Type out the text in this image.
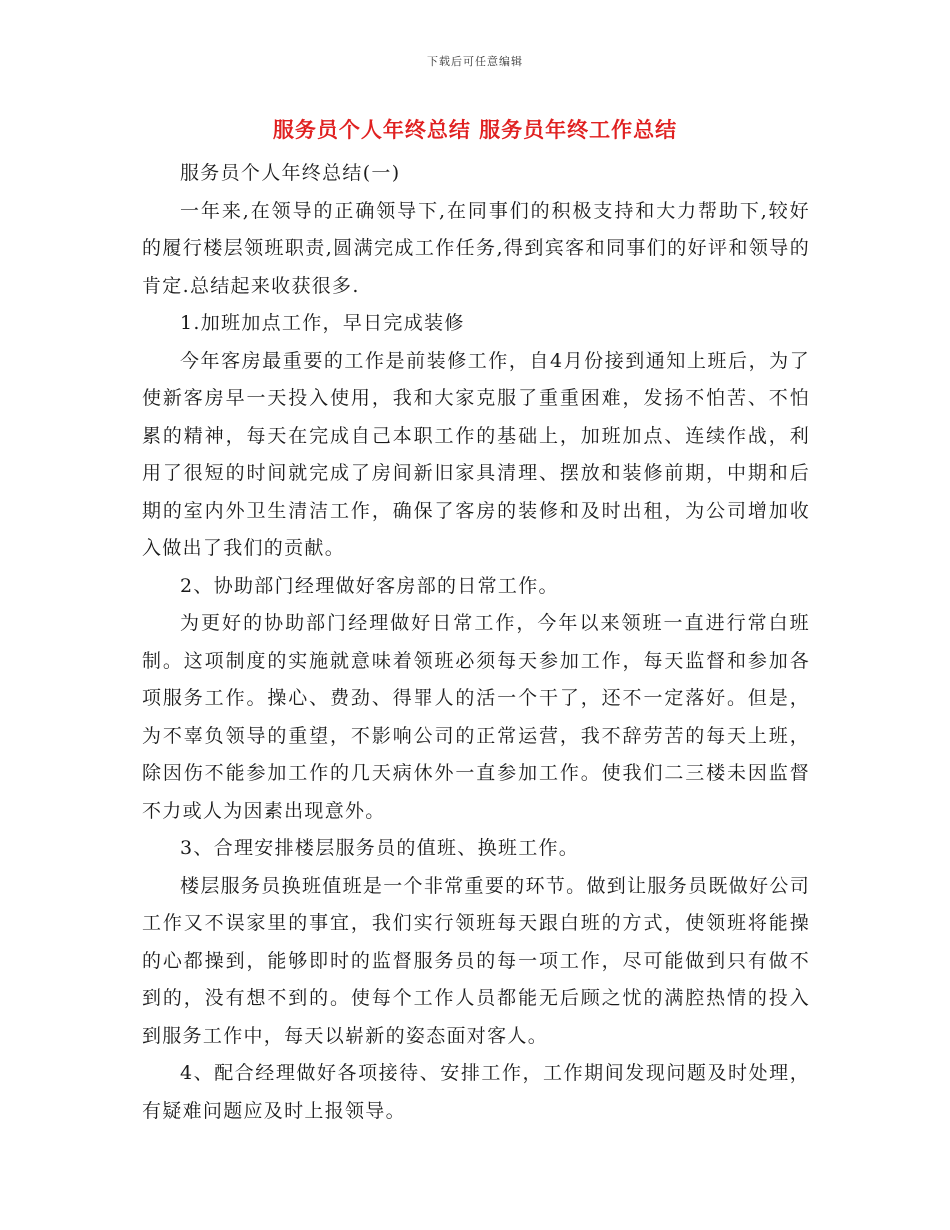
下载后可任意编辑
服务员个人年终总结 服务员年终工作总结

服务员个人年终总结(一)

一年来,在领导的正确领导下,在同事们的积极支持和大力帮助下,较好的履行楼层领班职责,圆满完成工作任务,得到宾客和同事们的好评和领导的肯定.总结起来收获很多.

1.加班加点工作，早日完成装修

今年客房最重要的工作是前装修工作，自4月份接到通知上班后，为了使新客房早一天投入使用，我和大家克服了重重困难，发扬不怕苦、不怕累的精神，每天在完成自己本职工作的基础上，加班加点、连续作战，利用了很短的时间就完成了房间新旧家具清理、摆放和装修前期，中期和后期的室内外卫生清洁工作，确保了客房的装修和及时出租，为公司增加收入做出了我们的贡献。

2、协助部门经理做好客房部的日常工作。

为更好的协助部门经理做好日常工作，今年以来领班一直进行常白班制。这项制度的实施就意味着领班必须每天参加工作，每天监督和参加各项服务工作。操心、费劲、得罪人的活一个干了，还不一定落好。但是，为不辜负领导的重望，不影响公司的正常运营，我不辞劳苦的每天上班，除因伤不能参加工作的几天病休外一直参加工作。使我们二三楼未因监督不力或人为因素出现意外。

3、合理安排楼层服务员的值班、换班工作。

楼层服务员换班值班是一个非常重要的环节。做到让服务员既做好公司工作又不误家里的事宜，我们实行领班每天跟白班的方式，使领班将能操的心都操到，能够即时的监督服务员的每一项工作，尽可能做到只有做不到的，没有想不到的。使每个工作人员都能无后顾之忧的满腔热情的投入到服务工作中，每天以崭新的姿态面对客人。

4、配合经理做好各项接待、安排工作，工作期间发现问题及时处理，有疑难问题应及时上报领导。
